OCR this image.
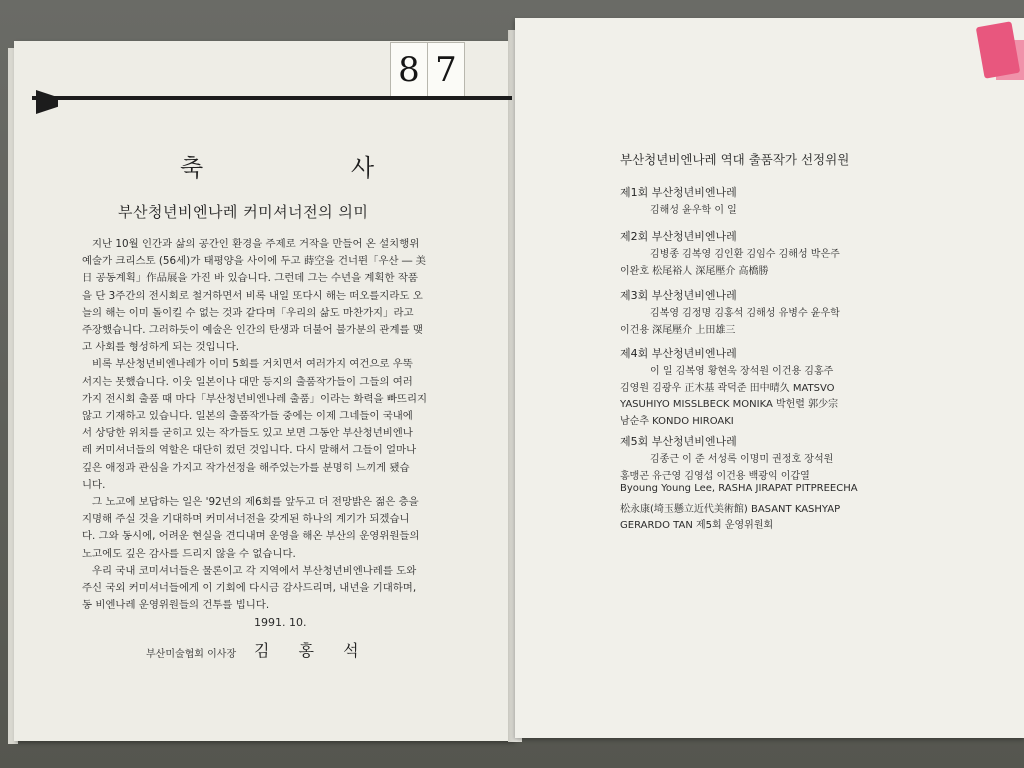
8 7
축 사
부산청년비엔나레 커미셔너전의 의미
지난 10월 인간과 삶의 공간인 환경을 주제로 거작을 만들어 온 설치행위
예술가 크리스토 (56세)가 태평양을 사이에 두고 蒔空을 건너뛴「우산 ― 美
日 공동계획」作品展을 가진 바 있습니다. 그런데 그는 수년을 계획한 작품
을 단 3주간의 전시회로 철거하면서 비록 내일 또다시 해는 떠오를지라도 오
늘의 해는 이미 돌이킬 수 없는 것과 같다며「우리의 삶도 마찬가지」라고
주장했습니다. 그러하듯이 예술은 인간의 탄생과 더불어 불가분의 관계를 맺
고 사회를 형성하게 되는 것입니다.
비록 부산청년비엔나레가 이미 5회를 거치면서 여러가지 여건으로 우뚝
서지는 못했습니다. 이웃 일본이나 대만 등지의 출품작가들이 그들의 여러
가지 전시회 출품 때 마다「부산청년비엔나레 출품」이라는 화력을 빠뜨리지
않고 기재하고 있습니다. 일본의 출품작가들 중에는 이제 그네들이 국내에
서 상당한 위치를 굳히고 있는 작가들도 있고 보면 그동안 부산청년비엔나
레 커미셔너들의 역할은 대단히 컸던 것입니다. 다시 말해서 그들이 얼마나
깊은 애정과 관심을 가지고 작가선정을 해주었는가를 분명히 느끼게 됐습
니다.
그 노고에 보답하는 일은 '92년의 제6회를 앞두고 더 전망밝은 젊은 층을
지명해 주실 것을 기대하며 커미셔너전을 갖게된 하나의 계기가 되겠습니
다. 그와 동시에, 어려운 현실을 견디내며 운영을 해온 부산의 운영위원들의
노고에도 깊은 감사를 드리지 않을 수 없습니다.
우리 국내 코미셔너들은 물론이고 각 지역에서 부산청년비엔나레를 도와
주신 국외 커미셔너들에게 이 기회에 다시금 감사드리며, 내년을 기대하며,
동 비엔나레 운영위원들의 건투를 빕니다.
1991. 10.
부산미술협회 이사장 김 홍 석
부산청년비엔나레 역대 출품작가 선정위원
제1회 부산청년비엔나레
김해성 윤우학 이 일
제2회 부산청년비엔나레
김병종 김복영 김인환 김임수 김해성 박은주
이완호 松尾裕人 深尾壓介 高橋勝
제3회 부산청년비엔나레
김복영 김정명 김홍석 김해성 유병수 윤우학
이건용 深尾壓介 上田雄三
제4회 부산청년비엔나레
이 일 김복영 황현욱 장석원 이건용 김홍주
김영원 김광우 正木基 곽덕준 田中晴久 MATSVO
YASUHIYO MISSLBECK MONIKA 박헌렬 郭少宗
남순추 KONDO HIROAKI
제5회 부산청년비엔나레
김종근 이 준 서성록 이명미 권정호 장석원
홍맹곤 유근영 김영섭 이건용 백광익 이갑열
Byoung Young Lee, RASHA JIRAPAT PITPREECHA
松永康(埼玉懸立近代美術館) BASANT KASHYAP
GERARDO TAN 제5회 운영위원회
